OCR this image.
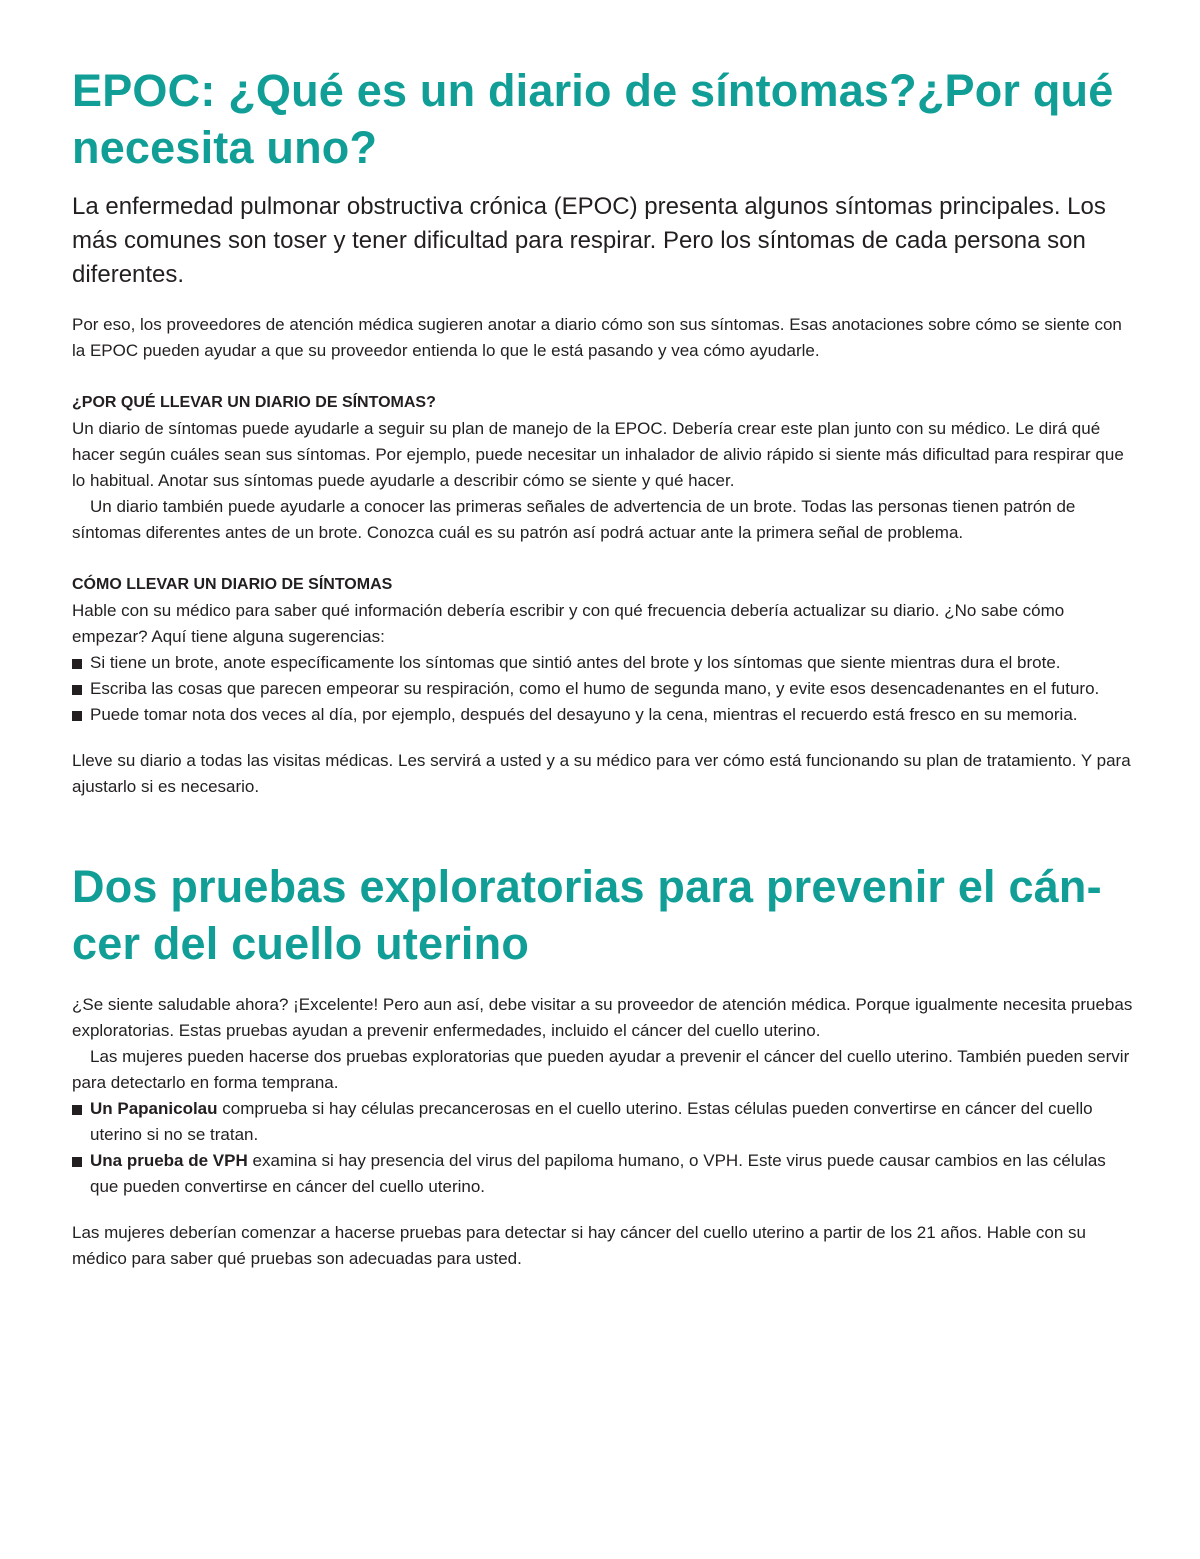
EPOC: ¿Qué es un diario de síntomas?¿Por qué necesita uno?

La enfermedad pulmonar obstructiva crónica (EPOC) presenta algunos síntomas principales. Los más comunes son toser y tener dificultad para respirar. Pero los síntomas de cada persona son diferentes.

Por eso, los proveedores de atención médica sugieren anotar a diario cómo son sus síntomas. Esas anotaciones sobre cómo se siente con la EPOC pueden ayudar a que su proveedor entienda lo que le está pasando y vea cómo ayudarle.

¿POR QUÉ LLEVAR UN DIARIO DE SÍNTOMAS?

Un diario de síntomas puede ayudarle a seguir su plan de manejo de la EPOC. Debería crear este plan junto con su médico. Le dirá qué hacer según cuáles sean sus síntomas. Por ejemplo, puede necesitar un inhalador de alivio rápido si siente más dificultad para respirar que lo habitual. Anotar sus síntomas puede ayudarle a describir cómo se siente y qué hacer.

Un diario también puede ayudarle a conocer las primeras señales de advertencia de un brote. Todas las personas tienen patrón de síntomas diferentes antes de un brote. Conozca cuál es su patrón así podrá actuar ante la primera señal de problema.

CÓMO LLEVAR UN DIARIO DE SÍNTOMAS

Hable con su médico para saber qué información debería escribir y con qué frecuencia debería actualizar su diario. ¿No sabe cómo empezar? Aquí tiene alguna sugerencias:

Si tiene un brote, anote específicamente los síntomas que sintió antes del brote y los síntomas que siente mientras dura el brote.
Escriba las cosas que parecen empeorar su respiración, como el humo de segunda mano, y evite esos desencadenantes en el futuro.
Puede tomar nota dos veces al día, por ejemplo, después del desayuno y la cena, mientras el recuerdo está fresco en su memoria.

Lleve su diario a todas las visitas médicas. Les servirá a usted y a su médico para ver cómo está funcionando su plan de tratamiento. Y para ajustarlo si es necesario.

Dos pruebas exploratorias para prevenir el cán-
cer del cuello uterino

¿Se siente saludable ahora? ¡Excelente! Pero aun así, debe visitar a su proveedor de atención médica. Porque igualmente necesita pruebas exploratorias. Estas pruebas ayudan a prevenir enfermedades, incluido el cáncer del cuello uterino.

Las mujeres pueden hacerse dos pruebas exploratorias que pueden ayudar a prevenir el cáncer del cuello uterino. También pueden servir para detectarlo en forma temprana.

Un Papanicolau comprueba si hay células precancerosas en el cuello uterino. Estas células pueden convertirse en cáncer del cuello uterino si no se tratan.
Una prueba de VPH examina si hay presencia del virus del papiloma humano, o VPH. Este virus puede causar cambios en las células que pueden convertirse en cáncer del cuello uterino.

Las mujeres deberían comenzar a hacerse pruebas para detectar si hay cáncer del cuello uterino a partir de los 21 años. Hable con su médico para saber qué pruebas son adecuadas para usted.
